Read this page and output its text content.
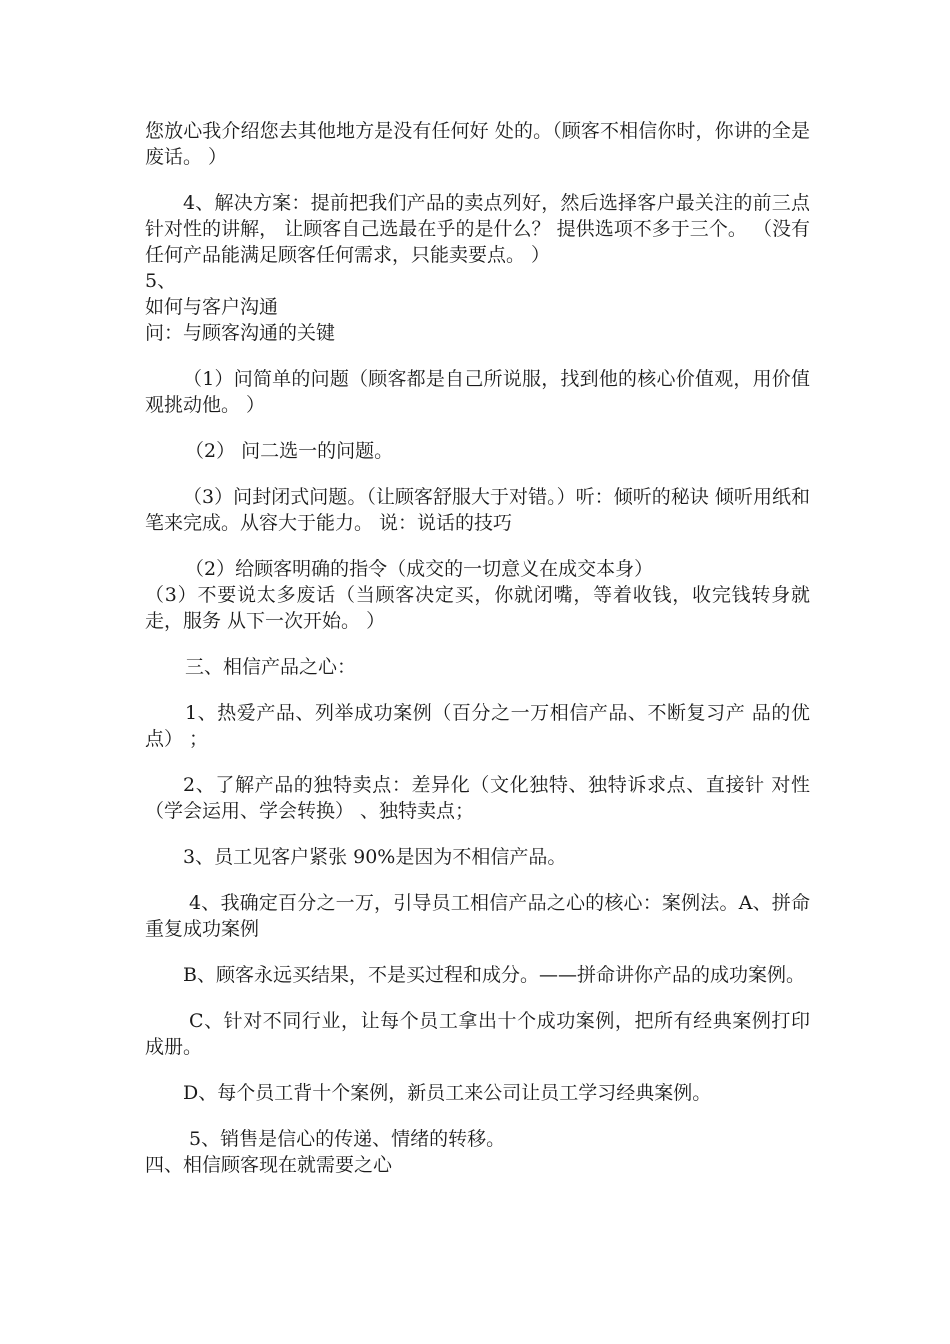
您放心我介绍您去其他地方是没有任何好 处的。（顾客不相信你时，你讲的全是废话。 ）

4、解决方案：提前把我们产品的卖点列好，然后选择客户最关注的前三点针对性的讲解， 让顾客自己选最在乎的是什么？ 提供选项不多于三个。 （没有任何产品能满足顾客任何需求，只能卖要点。 ）

5、

如何与客户沟通

问：与顾客沟通的关键

（1）问简单的问题（顾客都是自己所说服，找到他的核心价值观，用价值观挑动他。 ）

（2） 问二选一的问题。

（3）问封闭式问题。（让顾客舒服大于对错。）听：倾听的秘诀 倾听用纸和笔来完成。从容大于能力。 说：说话的技巧

（2）给顾客明确的指令（成交的一切意义在成交本身）

（3）不要说太多废话（当顾客决定买，你就闭嘴，等着收钱，收完钱转身就走，服务 从下一次开始。 ）

三、相信产品之心：

1、热爱产品、列举成功案例（百分之一万相信产品、不断复习产 品的优点） ；

2、了解产品的独特卖点：差异化（文化独特、独特诉求点、直接针 对性（学会运用、学会转换） 、独特卖点；

3、员工见客户紧张 90%是因为不相信产品。

4、我确定百分之一万，引导员工相信产品之心的核心：案例法。A、拼命重复成功案例

B、顾客永远买结果，不是买过程和成分。——拼命讲你产品的成功案例。

C、针对不同行业，让每个员工拿出十个成功案例，把所有经典案例打印成册。

D、每个员工背十个案例，新员工来公司让员工学习经典案例。

5、销售是信心的传递、情绪的转移。

四、相信顾客现在就需要之心
